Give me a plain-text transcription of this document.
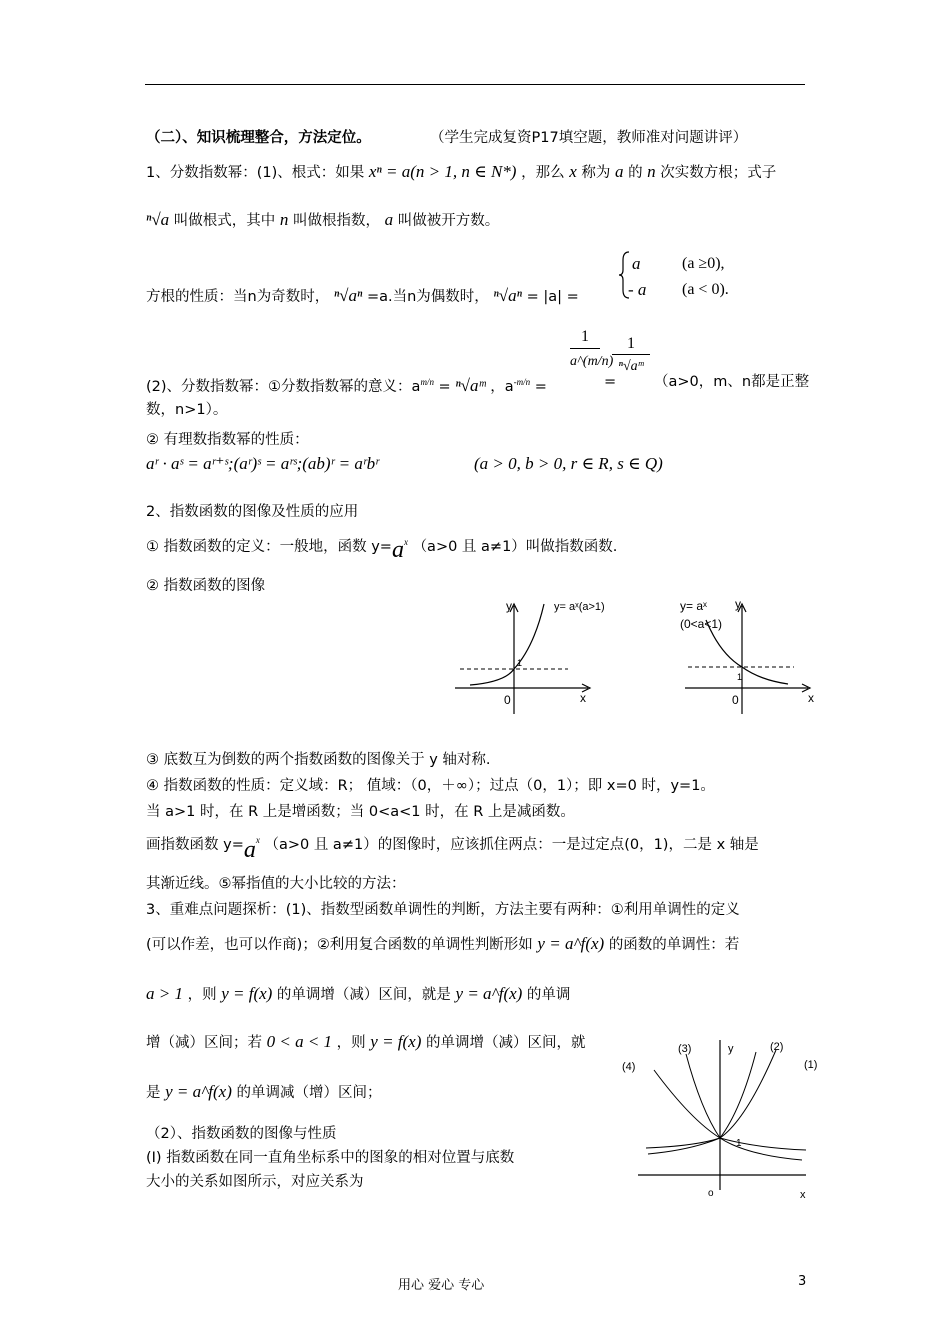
（二）、知识梳理整合，方法定位。	（学生完成复资P17填空题，教师准对问题讲评）
1、分数指数幂：(1)、根式：如果 xⁿ = a(n > 1, n ∈ N*) ，那么 x 称为 a 的 n 次实数方根；式子
ⁿ√a 叫做根式，其中 n 叫做根指数， a 叫做被开方数。
方根的性质：当n为奇数时， ⁿ√aⁿ =a.当n为偶数时， ⁿ√aⁿ = |a| =
a	(a ≥0),
- a (a < 0).
(2)、分数指数幂：①分数指数幂的意义：$a^{m/n}$ = ⁿ√aᵐ ，$a^{-m/n}$ =
$\frac{1}{a\^{}(m/n)}$
=
$\frac{1}{\text{ⁿ√aᵐ}}$
（a>0，m、n都是正整
数，n>1）。
② 有理数指数幂的性质：
aʳ · aˢ = aʳ⁺ˢ;(aʳ)ˢ = aʳˢ;(ab)ʳ = aʳbʳ	(a > 0, b > 0, r ∈ R, s ∈ Q)
2、指数函数的图像及性质的应用
① 指数函数的定义：一般地，函数 $y=a^x$ （a>0 且 a≠1）叫做指数函数.
② 指数函数的图像
y	y= aˣ(a>1)
1
0	x
y= aˣ
(0<a<1)
y
1
0	x
③ 底数互为倒数的两个指数函数的图像关于 y 轴对称.
④ 指数函数的性质：定义域：R； 值域：（0，＋∞）；过点（0，1）；即 x=0 时，y=1。
当 a>1 时，在 R 上是增函数；当 0<a<1 时，在 R 上是减函数。
画指数函数 $y=a^x$ （a>0 且 a≠1）的图像时，应该抓住两点：一是过定点(0，1)，二是 x 轴是
其渐近线。⑤幂指值的大小比较的方法：
3、重难点问题探析：(1)、指数型函数单调性的判断，方法主要有两种：①利用单调性的定义
(可以作差，也可以作商)；②利用复合函数的单调性判断形如 y = a^f(x) 的函数的单调性：若
a > 1 ，则 y = f(x) 的单调增（减）区间，就是 y = a^f(x) 的单调
增（减）区间；若 0 < a < 1 ，则 y = f(x) 的单调增（减）区间，就
是 y = a^f(x) 的单调减（增）区间；
（2）、指数函数的图像与性质
(Ⅰ) 指数函数在同一直角坐标系中的图象的相对位置与底数
大小的关系如图所示，对应关系为
(4)
(3)	y	(2)
(1)
1
o	x
用心 爱心 专心	3
